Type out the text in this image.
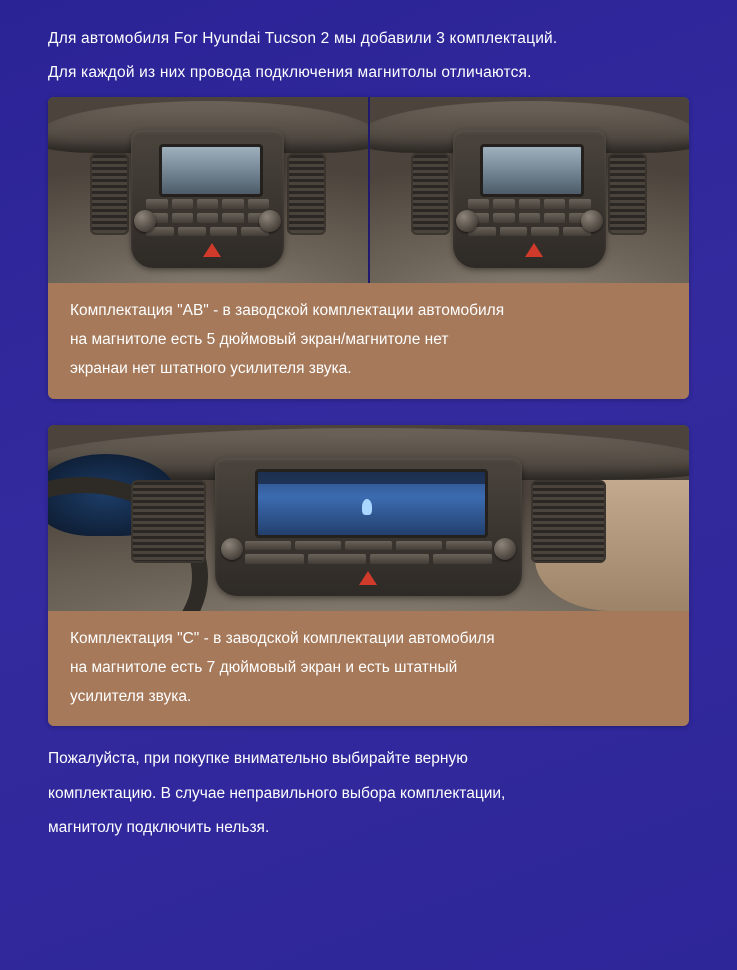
Для автомобиля For Hyundai Tucson 2 мы добавили 3 комплектаций.

Для каждой из них провода подключения магнитолы отличаются.

Комплектация "AB" - в заводской комплектации автомобиля

на магнитоле есть 5 дюймовый экран/магнитоле нет

экранаи нет штатного усилителя звука.

Комплектация "C" - в заводской комплектации автомобиля

на магнитоле есть 7 дюймовый экран и есть штатный

усилителя звука.

Пожалуйста, при покупке внимательно выбирайте верную

комплектацию. В случае неправильного выбора комплектации,

магнитолу подключить нельзя.
